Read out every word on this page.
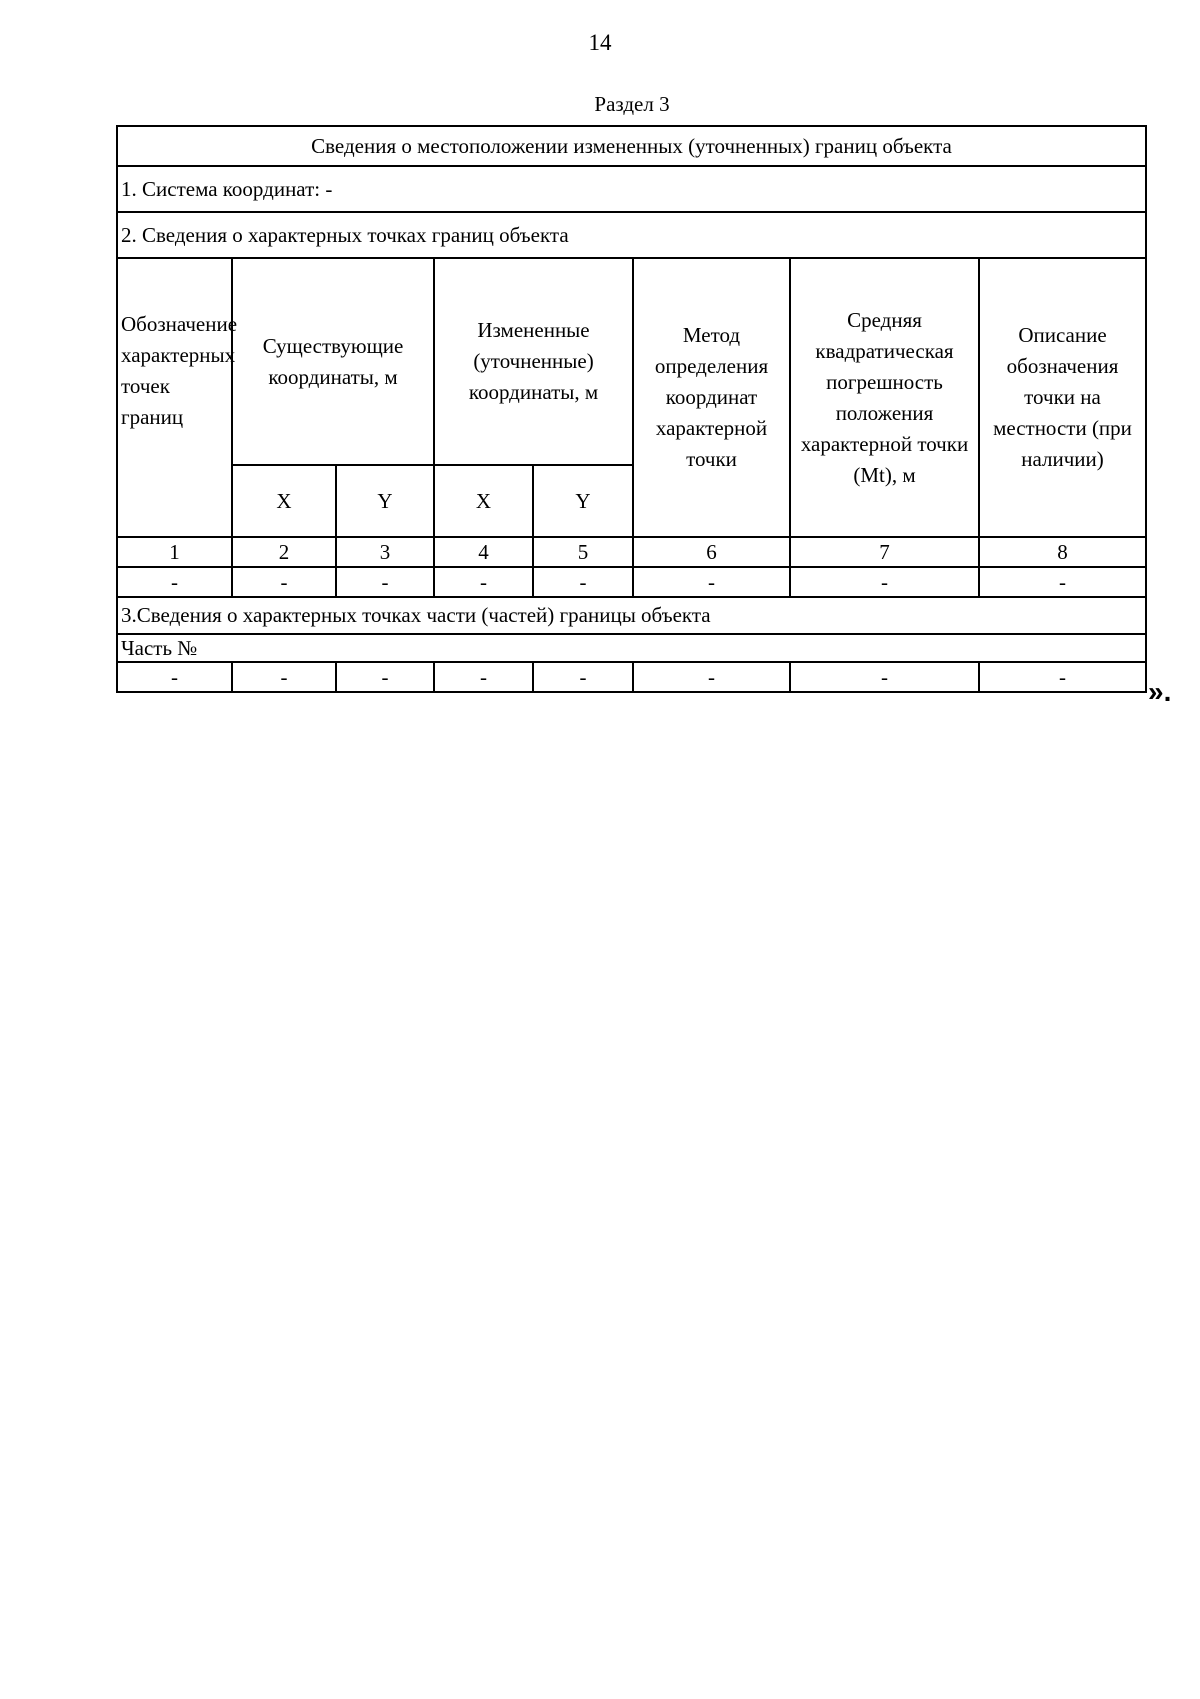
14
Раздел 3
Сведения о местоположении измененных (уточненных) границ объекта							
1. Система координат: -							
2. Сведения о характерных точках границ объекта							
Обозначение характерных точек границ	Существующие координаты, м		Измененные (уточненные) координаты, м		Метод определения координат характерной точки	Средняя квадратическая погрешность положения характерной точки (Mt), м	Описание обозначения точки на местности (при наличии)
	X	Y	X	Y			
1	2	3	4	5	6	7	8
-	-	-	-	-	-	-	-
3.Сведения о характерных точках части (частей) границы объекта							
Часть №							
-	-	-	-	-	-	-	-	».
